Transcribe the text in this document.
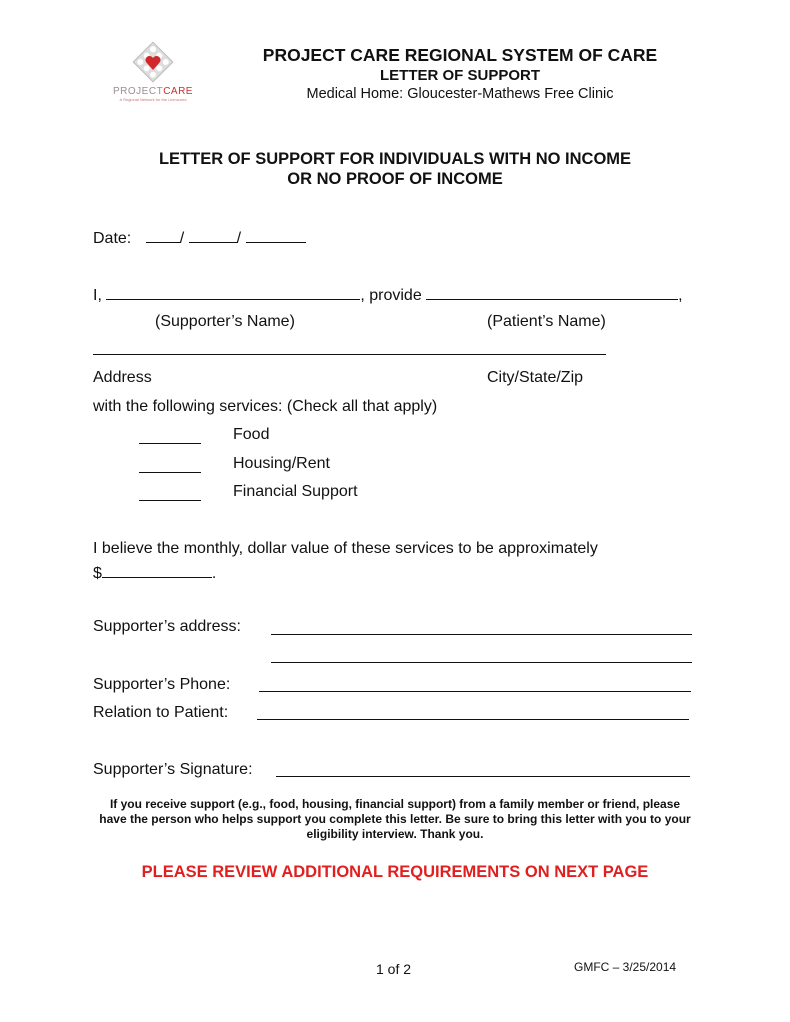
PROJECTCARE
A Regional Network for the Uninsured
PROJECT CARE REGIONAL SYSTEM OF CARE
LETTER OF SUPPORT
Medical Home: Gloucester-Mathews Free Clinic
LETTER OF SUPPORT FOR INDIVIDUALS WITH NO INCOME
OR NO PROOF OF INCOME
Date:	/	/
I,	, provide	,
(Supporter’s Name)	(Patient’s Name)
Address	City/State/Zip
with the following services: (Check all that apply)
Food
Housing/Rent
Financial Support
I believe the monthly, dollar value of these services to be approximately
$	.
Supporter’s address:
Supporter’s Phone:
Relation to Patient:
Supporter’s Signature:
If you receive support (e.g., food, housing, financial support) from a family member or friend, please have the person who helps support you complete this letter. Be sure to bring this letter with you to your eligibility interview. Thank you.
PLEASE REVIEW ADDITIONAL REQUIREMENTS ON NEXT PAGE
1 of 2	GMFC – 3/25/2014
